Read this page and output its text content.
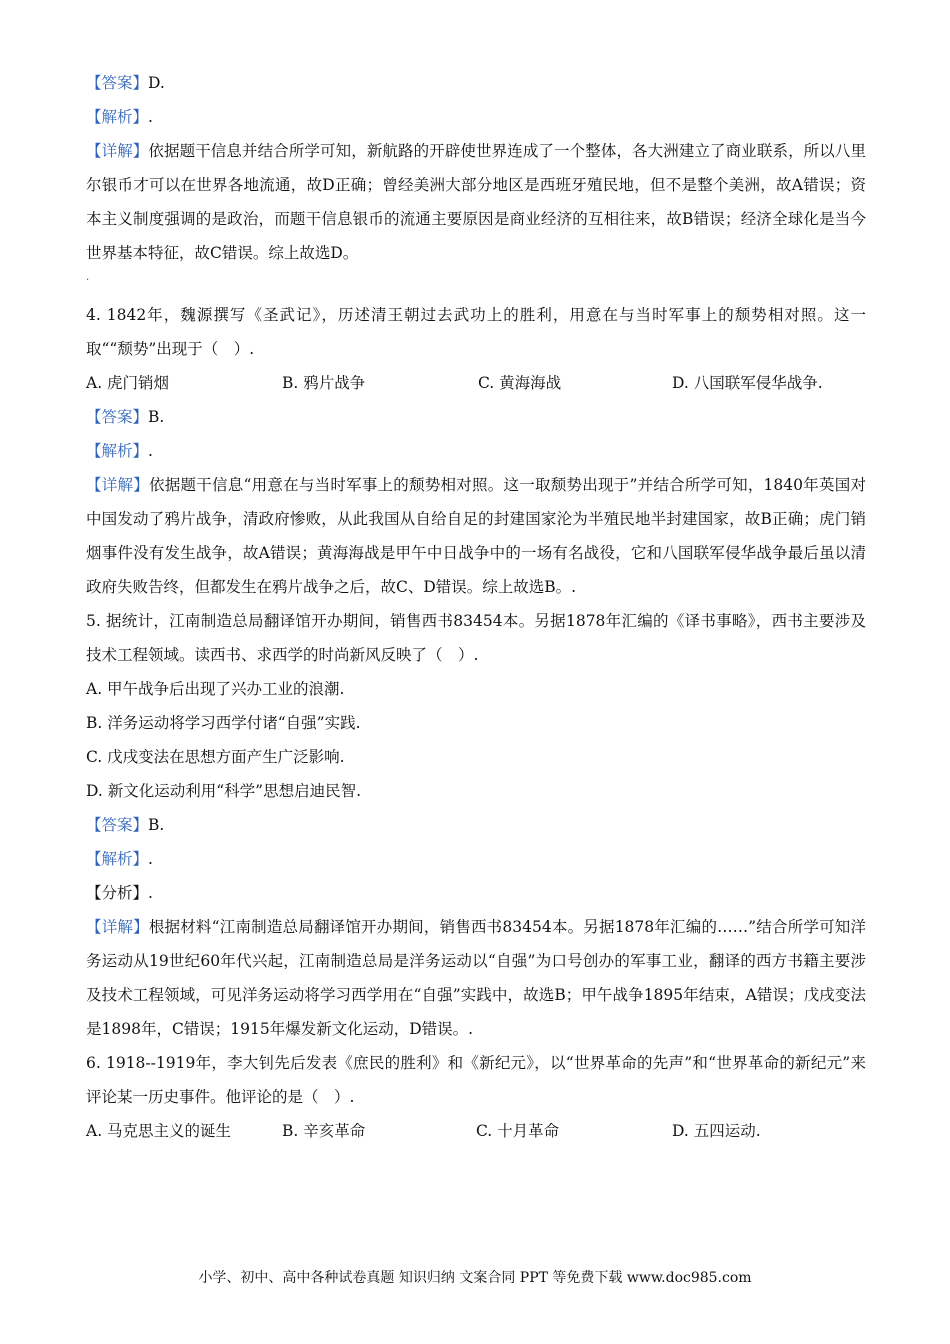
【答案】D.

【解析】.

【详解】依据题干信息并结合所学可知，新航路的开辟使世界连成了一个整体，各大洲建立了商业联系，所以八里尔银币才可以在世界各地流通，故D正确；曾经美洲大部分地区是西班牙殖民地，但不是整个美洲，故A错误；资本主义制度强调的是政治，而题干信息银币的流通主要原因是商业经济的互相往来，故B错误；经济全球化是当今世界基本特征，故C错误。综上故选D。

.

4. 1842年，魏源撰写《圣武记》，历述清王朝过去武功上的胜利，用意在与当时军事上的颓势相对照。这一取““颓势”出现于（　）.

A. 虎门销烟	B. 鸦片战争	C. 黄海海战	D. 八国联军侵华战争.

【答案】B.

【解析】.

【详解】依据题干信息“用意在与当时军事上的颓势相对照。这一取颓势出现于”并结合所学可知，1840年英国对中国发动了鸦片战争，清政府惨败，从此我国从自给自足的封建国家沦为半殖民地半封建国家，故B正确；虎门销烟事件没有发生战争，故A错误；黄海海战是甲午中日战争中的一场有名战役，它和八国联军侵华战争最后虽以清政府失败告终，但都发生在鸦片战争之后，故C、D错误。综上故选B。.

5. 据统计，江南制造总局翻译馆开办期间，销售西书83454本。另据1878年汇编的《译书事略》，西书主要涉及技术工程领域。读西书、求西学的时尚新风反映了（　）.

A. 甲午战争后出现了兴办工业的浪潮.

B. 洋务运动将学习西学付诸“自强”实践.

C. 戊戌变法在思想方面产生广泛影响.

D. 新文化运动利用“科学”思想启迪民智.

【答案】B.

【解析】.

【分析】.

【详解】根据材料“江南制造总局翻译馆开办期间，销售西书83454本。另据1878年汇编的……”结合所学可知洋务运动从19世纪60年代兴起，江南制造总局是洋务运动以“自强”为口号创办的军事工业，翻译的西方书籍主要涉及技术工程领域，可见洋务运动将学习西学用在“自强”实践中，故选B；甲午战争1895年结束，A错误；戊戌变法是1898年，C错误；1915年爆发新文化运动，D错误。.

6. 1918--1919年，李大钊先后发表《庶民的胜利》和《新纪元》，以“世界革命的先声”和“世界革命的新纪元”来评论某一历史事件。他评论的是（　）.

A. 马克思主义的诞生	B. 辛亥革命	C. 十月革命	D. 五四运动.
小学、初中、高中各种试卷真题 知识归纳 文案合同 PPT 等免费下载 www.doc985.com
